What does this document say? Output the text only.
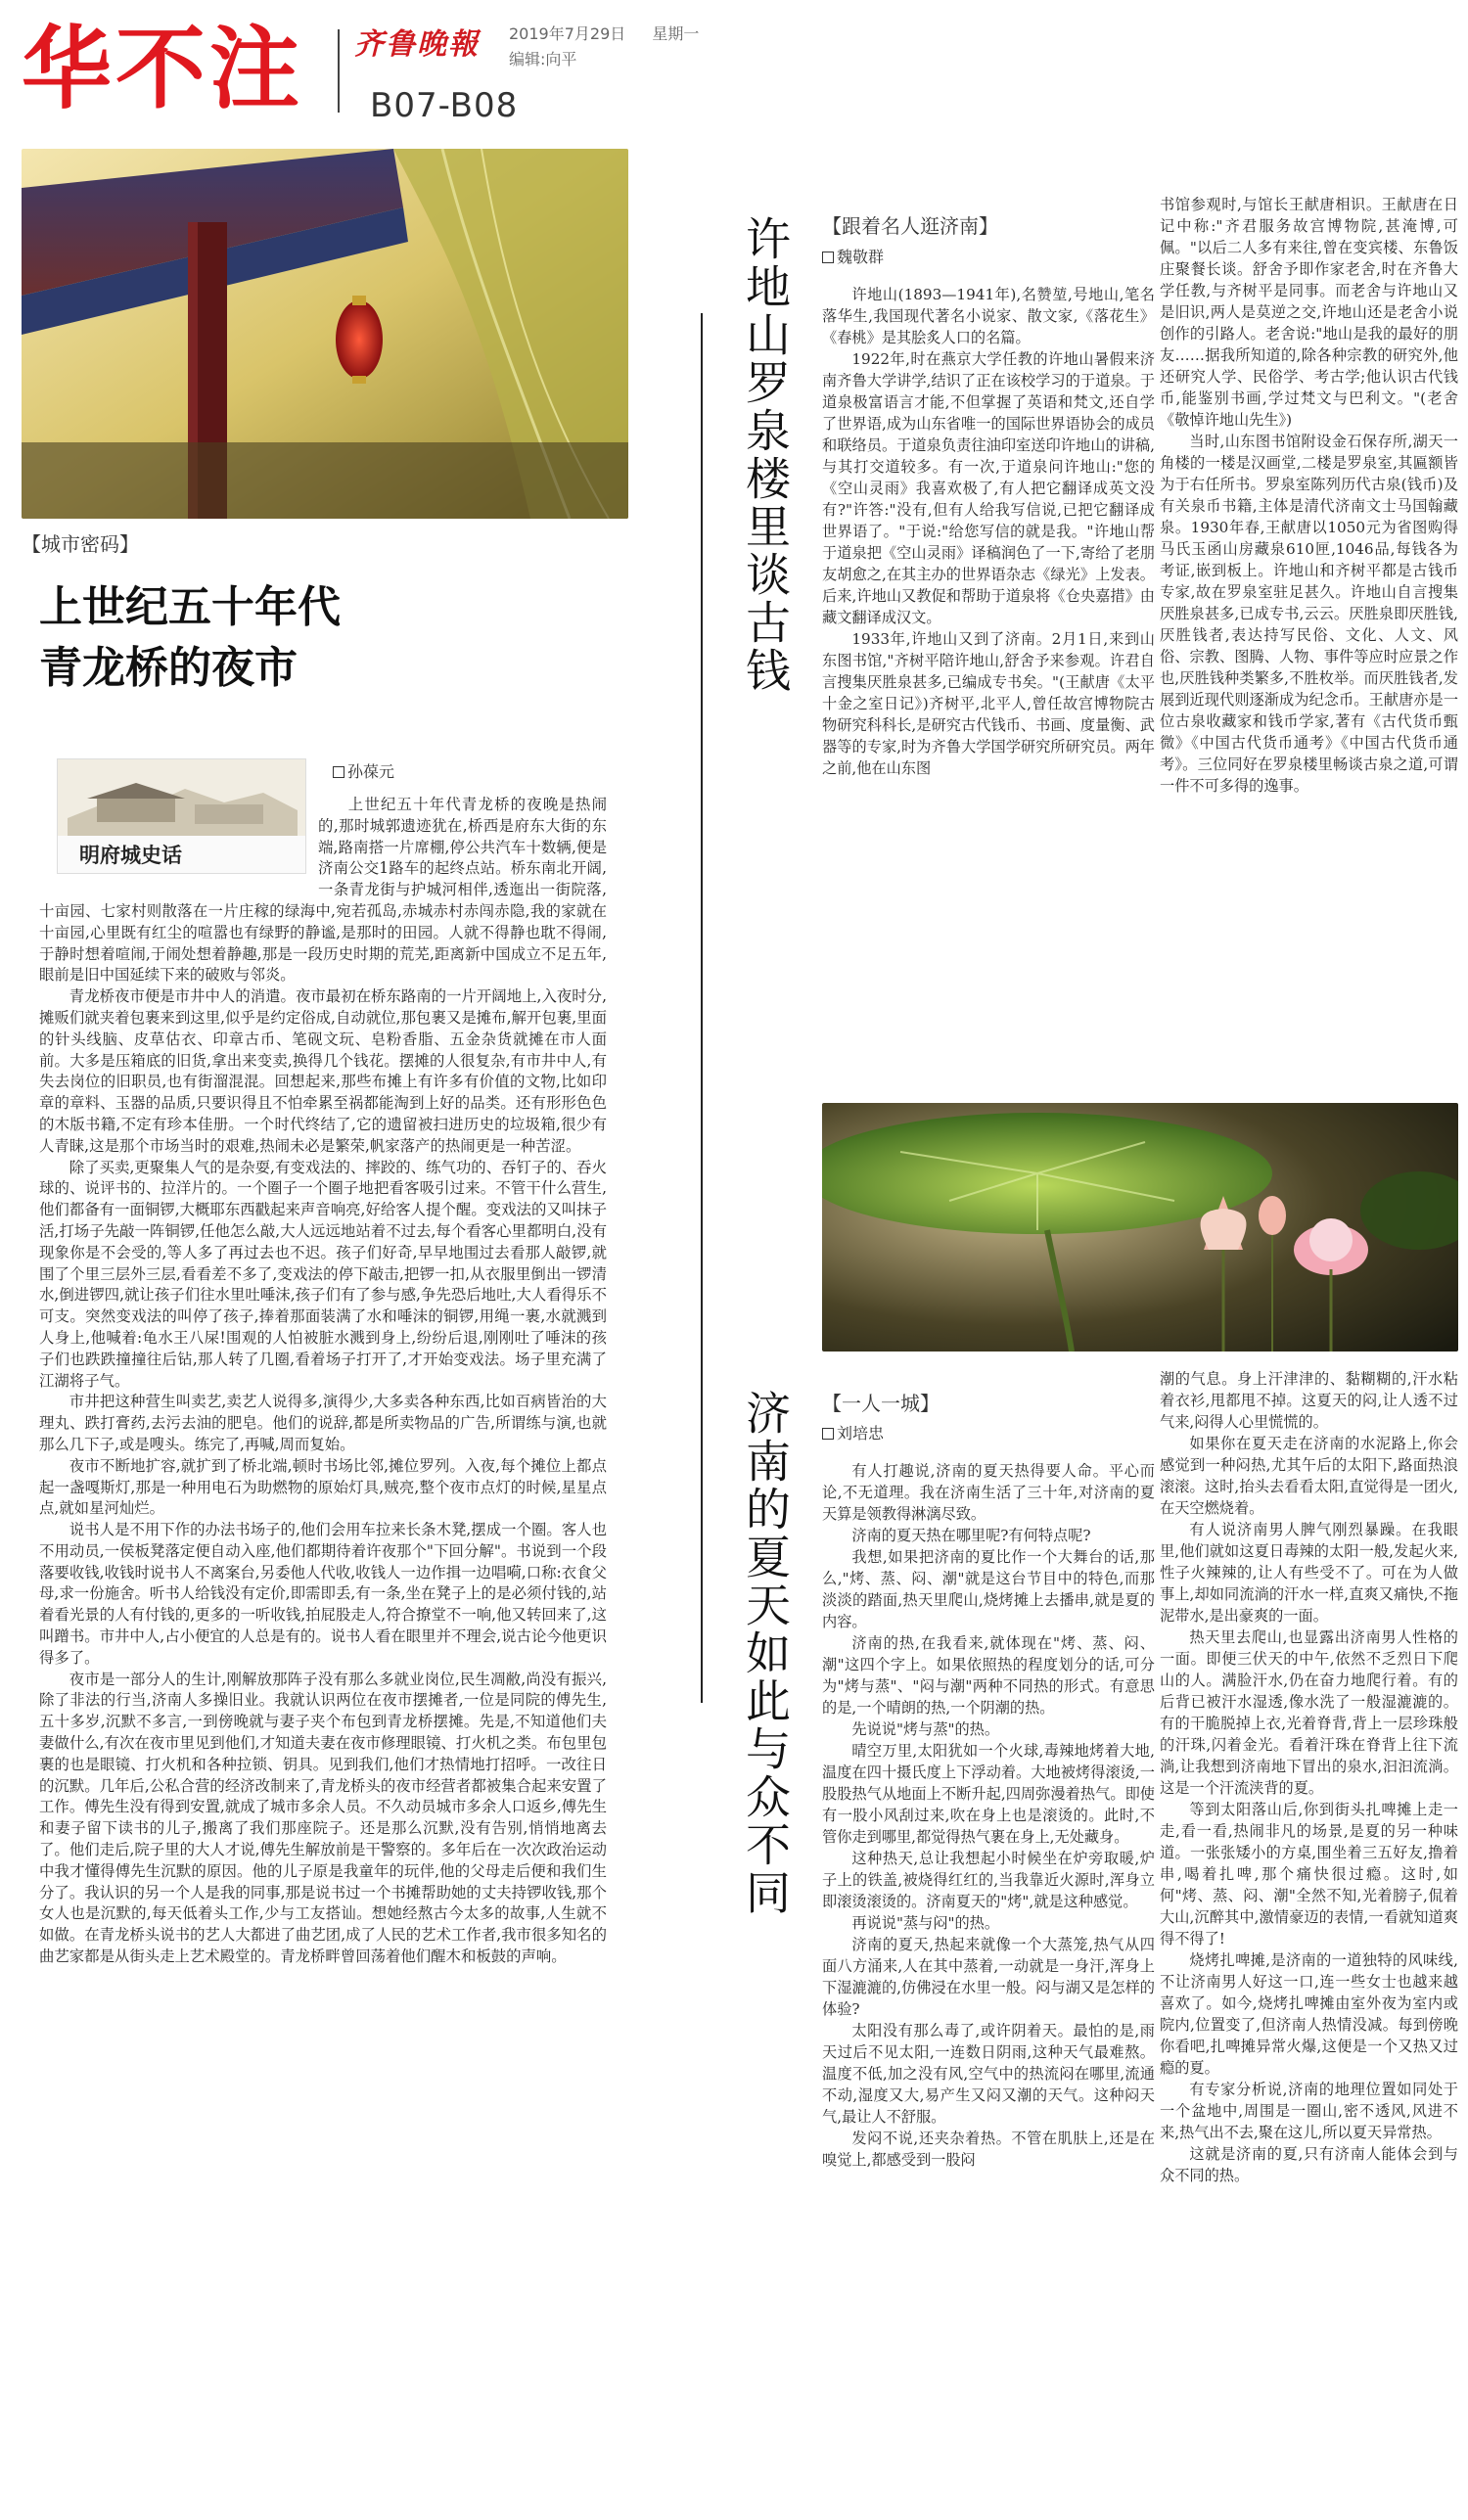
华不注 齐鲁晚報 2019年7月29日 星期一
编辑:向平
B07-B08
【城市密码】
上世纪五十年代
青龙桥的夜市
明府城史话
孙葆元

上世纪五十年代青龙桥的夜晚是热闹的,那时城郭遗迹犹在,桥西是府东大街的东端,路南搭一片席棚,停公共汽车十数辆,便是济南公交1路车的起终点站。桥东南北开阔,一条青龙街与护城河相伴,透迤出一街院落,十亩园、七家村则散落在一片庄稼的绿海中,宛若孤岛,赤城赤村赤闯赤隐,我的家就在十亩园,心里既有红尘的喧嚣也有绿野的静谧,是那时的田园。人就不得静也耽不得闹,于静时想着喧闹,于闹处想着静趣,那是一段历史时期的荒芜,距离新中国成立不足五年,眼前是旧中国延续下来的破败与邻炎。

青龙桥夜市便是市井中人的消遣。夜市最初在桥东路南的一片开阔地上,入夜时分,摊贩们就夹着包裹来到这里,似乎是约定俗成,自动就位,那包裹又是摊布,解开包裹,里面的针头线脑、皮草估衣、印章古币、笔砚文玩、皂粉香脂、五金杂货就摊在市人面前。大多是压箱底的旧货,拿出来变卖,换得几个钱花。摆摊的人很复杂,有市井中人,有失去岗位的旧职员,也有街溜混混。回想起来,那些布摊上有许多有价值的文物,比如印章的章料、玉器的品质,只要识得且不怕牵累至祸都能淘到上好的品类。还有形形色色的木版书籍,不定有珍本佳册。一个时代终结了,它的遗留被扫进历史的垃圾箱,很少有人青睐,这是那个市场当时的艰难,热闹未必是繁荣,帆家落产的热闹更是一种苦涩。

除了买卖,更聚集人气的是杂耍,有变戏法的、摔跤的、练气功的、吞钉子的、吞火球的、说评书的、拉洋片的。一个圈子一个圈子地把看客吸引过来。不管干什么营生,他们都备有一面铜锣,大概耶东西戳起来声音响亮,好给客人提个醒。变戏法的又叫抹子活,打场子先敲一阵铜锣,任他怎么敲,大人远远地站着不过去,每个看客心里都明白,没有现象你是不会受的,等人多了再过去也不迟。孩子们好奇,早早地围过去看那人敲锣,就围了个里三层外三层,看看差不多了,变戏法的停下敲击,把锣一扣,从衣服里倒出一锣清水,倒进锣四,就让孩子们往水里吐唾沫,孩子们有了参与感,争先恐后地吐,大人看得乐不可支。突然变戏法的叫停了孩子,捧着那面装满了水和唾沫的铜锣,用绳一裹,水就溅到人身上,他喊着:龟水王八屎!围观的人怕被脏水溅到身上,纷纷后退,刚刚吐了唾沫的孩子们也跌跌撞撞往后钻,那人转了几圈,看着场子打开了,才开始变戏法。场子里充满了江湖将子气。

市井把这种营生叫卖艺,卖艺人说得多,演得少,大多卖各种东西,比如百病皆治的大理丸、跌打膏药,去污去油的肥皂。他们的说辞,都是所卖物品的广告,所谓练与演,也就那么几下子,或是嗖头。练完了,再喊,周而复始。

夜市不断地扩容,就扩到了桥北端,顿时书场比邻,摊位罗列。入夜,每个摊位上都点起一盏嘎斯灯,那是一种用电石为助燃物的原始灯具,贼亮,整个夜市点灯的时候,星星点点,就如星河灿烂。

说书人是不用下作的办法书场子的,他们会用车拉来长条木凳,摆成一个圈。客人也不用动员,一侯板凳落定便自动入座,他们都期待着许夜那个"下回分解"。书说到一个段落要收钱,收钱时说书人不离案台,另委他人代收,收钱人一边作揖一边唱嗬,口称:衣食父母,求一份施舍。听书人给钱没有定价,即需即丢,有一条,坐在凳子上的是必须付钱的,站着看光景的人有付钱的,更多的一听收钱,拍屁股走人,符合撩堂不一响,他又转回来了,这叫蹭书。市井中人,占小便宜的人总是有的。说书人看在眼里并不理会,说古论今他更识得多了。

夜市是一部分人的生计,刚解放那阵子没有那么多就业岗位,民生凋敝,尚没有振兴,除了非法的行当,济南人多操旧业。我就认识两位在夜市摆摊者,一位是同院的傅先生,五十多岁,沉默不多言,一到傍晚就与妻子夹个布包到青龙桥摆摊。先是,不知道他们夫妻做什么,有次在夜市里见到他们,才知道夫妻在夜市修理眼镜、打火机之类。布包里包裹的也是眼镜、打火机和各种拉锁、钥具。见到我们,他们才热情地打招呼。一改往日的沉默。几年后,公私合营的经济改制来了,青龙桥头的夜市经营者都被集合起来安置了工作。傅先生没有得到安置,就成了城市多余人员。不久动员城市多余人口返乡,傅先生和妻子留下读书的儿子,搬离了我们那座院子。还是那么沉默,没有告别,悄悄地离去了。他们走后,院子里的大人才说,傅先生解放前是干警察的。多年后在一次次政治运动中我才懂得傅先生沉默的原因。他的儿子原是我童年的玩伴,他的父母走后便和我们生分了。我认识的另一个人是我的同事,那是说书过一个书摊帮助她的丈夫持锣收钱,那个女人也是沉默的,每天低着头工作,少与工友搭讪。想她经熬古今太多的故事,人生就不如做。在青龙桥头说书的艺人大都进了曲艺团,成了人民的艺术工作者,我市很多知名的曲艺家都是从街头走上艺术殿堂的。青龙桥畔曾回荡着他们醒木和板鼓的声响。

许地山罗泉楼里谈古钱 【跟着名人逛济南】
魏敬群

许地山(1893—1941年),名赞堃,号地山,笔名落华生,我国现代著名小说家、散文家,《落花生》《春桃》是其脍炙人口的名篇。

1922年,时在燕京大学任教的许地山暑假来济南齐鲁大学讲学,结识了正在该校学习的于道泉。于道泉极富语言才能,不但掌握了英语和梵文,还自学了世界语,成为山东省唯一的国际世界语协会的成员和联络员。于道泉负责往油印室送印许地山的讲稿,与其打交道较多。有一次,于道泉问许地山:"您的《空山灵雨》我喜欢极了,有人把它翻译成英文没有?"许答:"没有,但有人给我写信说,已把它翻译成世界语了。"于说:"给您写信的就是我。"许地山帮于道泉把《空山灵雨》译稿润色了一下,寄给了老朋友胡愈之,在其主办的世界语杂志《绿光》上发表。后来,许地山又教促和帮助于道泉将《仓央嘉措》由藏文翻译成汉文。

1933年,许地山又到了济南。2月1日,来到山东图书馆,"齐树平陪许地山,舒舍予来参观。许君自言搜集厌胜泉甚多,已编成专书矣。"(王献唐《太平十金之室日记》)齐树平,北平人,曾任故宫博物院古物研究科科长,是研究古代钱币、书画、度量衡、武器等的专家,时为齐鲁大学国学研究所研究员。两年之前,他在山东图

书馆参观时,与馆长王献唐相识。王献唐在日记中称:"齐君服务故宫博物院,甚淹博,可佩。"以后二人多有来往,曾在变宾楼、东鲁饭庄聚餐长谈。舒舍予即作家老舍,时在齐鲁大学任教,与齐树平是同事。而老舍与许地山又是旧识,两人是莫逆之交,许地山还是老舍小说创作的引路人。老舍说:"地山是我的最好的朋友……据我所知道的,除各种宗教的研究外,他还研究人学、民俗学、考古学;他认识古代钱币,能鉴别书画,学过梵文与巴利文。"(老舍《敬悼许地山先生》)

当时,山东图书馆附设金石保存所,湖天一角楼的一楼是汉画堂,二楼是罗泉室,其匾额皆为于右任所书。罗泉室陈列历代古泉(钱币)及有关泉币书籍,主体是清代济南文士马国翰藏泉。1930年春,王献唐以1050元为省图购得马氏玉函山房藏泉610匣,1046品,每钱各为考证,嵌到板上。许地山和齐树平都是古钱币专家,故在罗泉室驻足甚久。许地山自言搜集厌胜泉甚多,已成专书,云云。厌胜泉即厌胜钱,厌胜钱者,表达持写民俗、文化、人文、风俗、宗教、图腾、人物、事件等应时应景之作也,厌胜钱种类繁多,不胜枚举。而厌胜钱者,发展到近现代则逐渐成为纪念币。王献唐亦是一位古泉收藏家和钱币学家,著有《古代货币甄微》《中国古代货币通考》《中国古代货币通考》。三位同好在罗泉楼里畅谈古泉之道,可谓一件不可多得的逸事。

济南的夏天如此与众不同 【一人一城】
刘培忠

有人打趣说,济南的夏天热得要人命。平心而论,不无道理。我在济南生活了三十年,对济南的夏天算是领教得淋漓尽致。

济南的夏天热在哪里呢?有何特点呢?

我想,如果把济南的夏比作一个大舞台的话,那么,"烤、蒸、闷、潮"就是这台节目中的特色,而那淡淡的踏面,热天里爬山,烧烤摊上去播串,就是夏的内容。

济南的热,在我看来,就体现在"烤、蒸、闷、潮"这四个字上。如果依照热的程度划分的话,可分为"烤与蒸"、"闷与潮"两种不同热的形式。有意思的是,一个晴朗的热,一个阴潮的热。

先说说"烤与蒸"的热。

晴空万里,太阳犹如一个火球,毒辣地烤着大地,温度在四十摄氏度上下浮动着。大地被烤得滚烫,一股股热气从地面上不断升起,四周弥漫着热气。即使有一股小风刮过来,吹在身上也是滚烫的。此时,不管你走到哪里,都觉得热气裹在身上,无处藏身。

这种热天,总让我想起小时候坐在炉旁取暖,炉子上的铁盖,被烧得红红的,当我靠近火源时,浑身立即滚烫滚烫的。济南夏天的"烤",就是这种感觉。

再说说"蒸与闷"的热。

济南的夏天,热起来就像一个大蒸笼,热气从四面八方涌来,人在其中蒸着,一动就是一身汗,浑身上下湿漉漉的,仿佛浸在水里一般。闷与湖又是怎样的体验?

太阳没有那么毒了,或许阴着天。最怕的是,雨天过后不见太阳,一连数日阴雨,这种天气最难熬。温度不低,加之没有风,空气中的热流闷在哪里,流通不动,湿度又大,易产生又闷又潮的天气。这种闷天气,最让人不舒服。

发闷不说,还夹杂着热。不管在肌肤上,还是在嗅觉上,都感受到一股闷

潮的气息。身上汗津津的、黏糊糊的,汗水粘着衣衫,甩都甩不掉。这夏天的闷,让人透不过气来,闷得人心里慌慌的。

如果你在夏天走在济南的水泥路上,你会感觉到一种闷热,尤其午后的太阳下,路面热浪滚滚。这时,抬头去看看太阳,直觉得是一团火,在天空燃烧着。

有人说济南男人脾气刚烈暴躁。在我眼里,他们就如这夏日毒辣的太阳一般,发起火来,性子火辣辣的,让人有些受不了。可在为人做事上,却如同流淌的汗水一样,直爽又痛快,不拖泥带水,是出豪爽的一面。

热天里去爬山,也显露出济南男人性格的一面。即便三伏天的中午,依然不乏烈日下爬山的人。满脸汗水,仍在奋力地爬行着。有的后背已被汗水湿透,像水洗了一般湿漉漉的。有的干脆脱掉上衣,光着脊背,背上一层珍珠般的汗珠,闪着金光。看着汗珠在脊背上往下流淌,让我想到济南地下冒出的泉水,汩汩流淌。这是一个汗流浃背的夏。

等到太阳落山后,你到街头扎啤摊上走一走,看一看,热闹非凡的场景,是夏的另一种味道。一张张矮小的方桌,围坐着三五好友,撸着串,喝着扎啤,那个痛快很过瘾。这时,如何"烤、蒸、闷、潮"全然不知,光着膀子,侃着大山,沉醉其中,激情豪迈的表情,一看就知道爽得不得了!

烧烤扎啤摊,是济南的一道独特的风味线,不让济南男人好这一口,连一些女士也越来越喜欢了。如今,烧烤扎啤摊由室外夜为室内或院内,位置变了,但济南人热情没减。每到傍晚你看吧,扎啤摊异常火爆,这便是一个又热又过瘾的夏。

有专家分析说,济南的地理位置如同处于一个盆地中,周围是一圈山,密不透风,风进不来,热气出不去,聚在这儿,所以夏天异常热。

这就是济南的夏,只有济南人能体会到与众不同的热。
